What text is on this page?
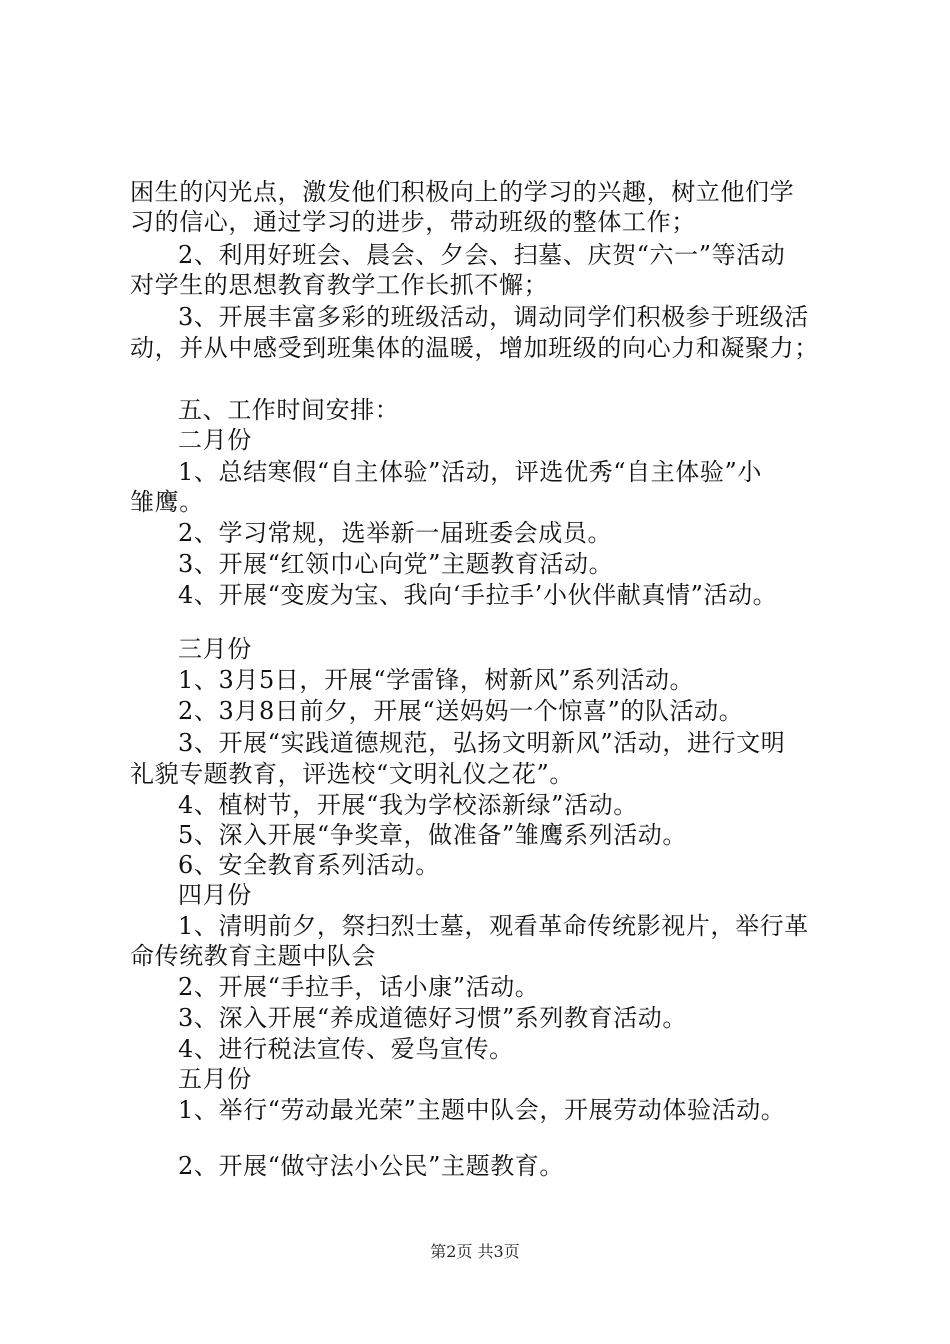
困生的闪光点，激发他们积极向上的学习的兴趣，树立他们学
习的信心，通过学习的进步，带动班级的整体工作；
2、利用好班会、晨会、夕会、扫墓、庆贺“六一”等活动
对学生的思想教育教学工作长抓不懈；
3、开展丰富多彩的班级活动，调动同学们积极参于班级活
动，并从中感受到班集体的温暖，增加班级的向心力和凝聚力；
五、工作时间安排：
二月份
1、总结寒假“自主体验”活动，评选优秀“自主体验”小
雏鹰。
2、学习常规，选举新一届班委会成员。
3、开展“红领巾心向党”主题教育活动。
4、开展“变废为宝、我向‘手拉手’小伙伴献真情”活动。
三月份
1、3月5日，开展“学雷锋，树新风”系列活动。
2、3月8日前夕，开展“送妈妈一个惊喜”的队活动。
3、开展“实践道德规范，弘扬文明新风”活动，进行文明
礼貌专题教育，评选校“文明礼仪之花”。
4、植树节，开展“我为学校添新绿”活动。
5、深入开展“争奖章，做准备”雏鹰系列活动。
6、安全教育系列活动。
四月份
1、清明前夕，祭扫烈士墓，观看革命传统影视片，举行革
命传统教育主题中队会
2、开展“手拉手，话小康”活动。
3、深入开展“养成道德好习惯”系列教育活动。
4、进行税法宣传、爱鸟宣传。
五月份
1、举行“劳动最光荣”主题中队会，开展劳动体验活动。
2、开展“做守法小公民”主题教育。
第2页 共3页
